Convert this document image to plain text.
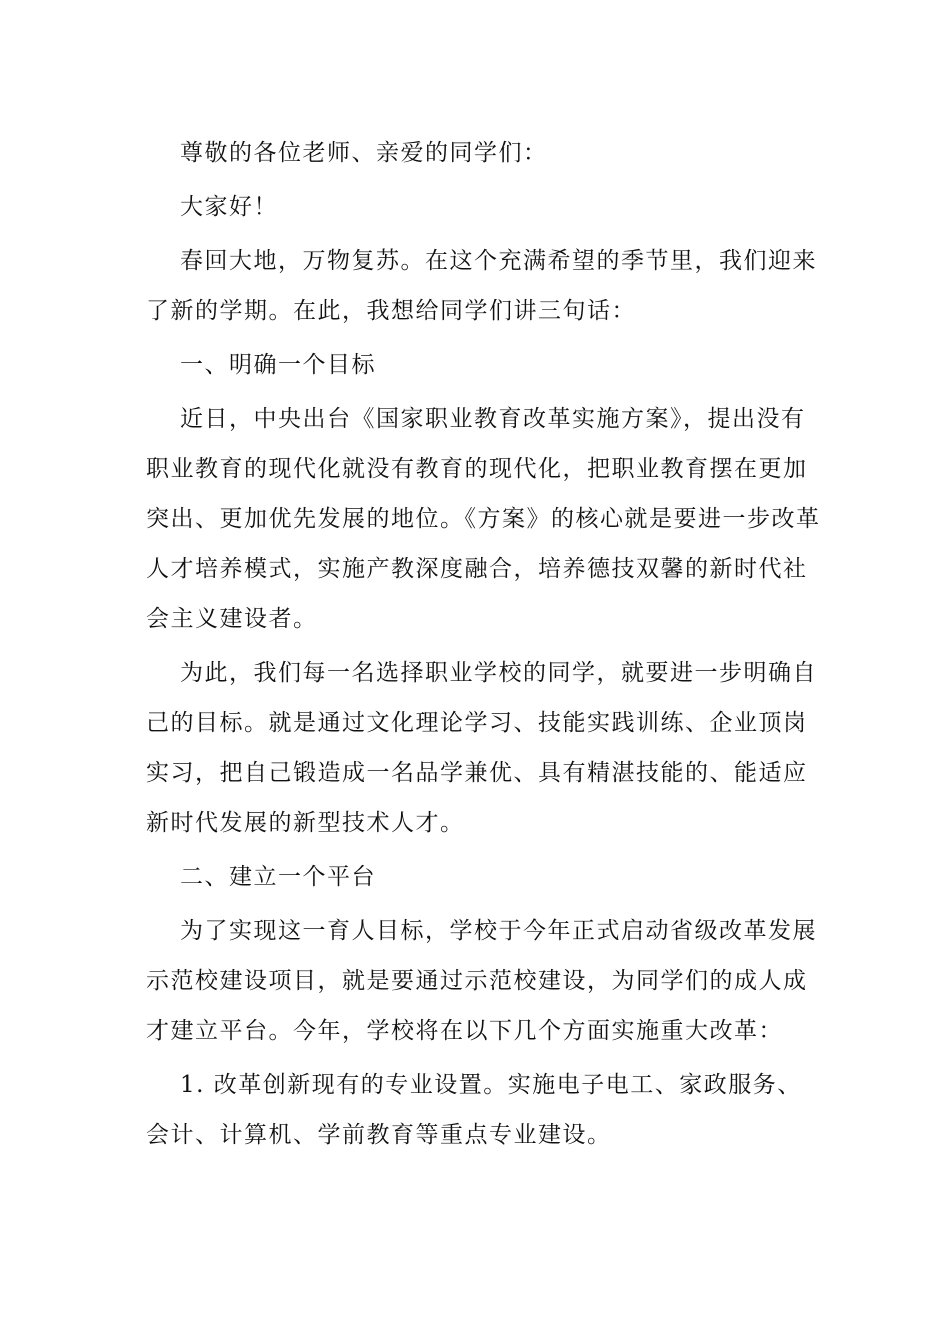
尊敬的各位老师、亲爱的同学们：

大家好！

春回大地，万物复苏。在这个充满希望的季节里，我们迎来了新的学期。在此，我想给同学们讲三句话：

一、明确一个目标

近日，中央出台《国家职业教育改革实施方案》，提出没有职业教育的现代化就没有教育的现代化，把职业教育摆在更加突出、更加优先发展的地位。《方案》的核心就是要进一步改革人才培养模式，实施产教深度融合，培养德技双馨的新时代社会主义建设者。

为此，我们每一名选择职业学校的同学，就要进一步明确自己的目标。就是通过文化理论学习、技能实践训练、企业顶岗实习，把自己锻造成一名品学兼优、具有精湛技能的、能适应新时代发展的新型技术人才。

二、建立一个平台

为了实现这一育人目标，学校于今年正式启动省级改革发展示范校建设项目，就是要通过示范校建设，为同学们的成人成才建立平台。今年，学校将在以下几个方面实施重大改革：

1. 改革创新现有的专业设置。实施电子电工、家政服务、会计、计算机、学前教育等重点专业建设。
